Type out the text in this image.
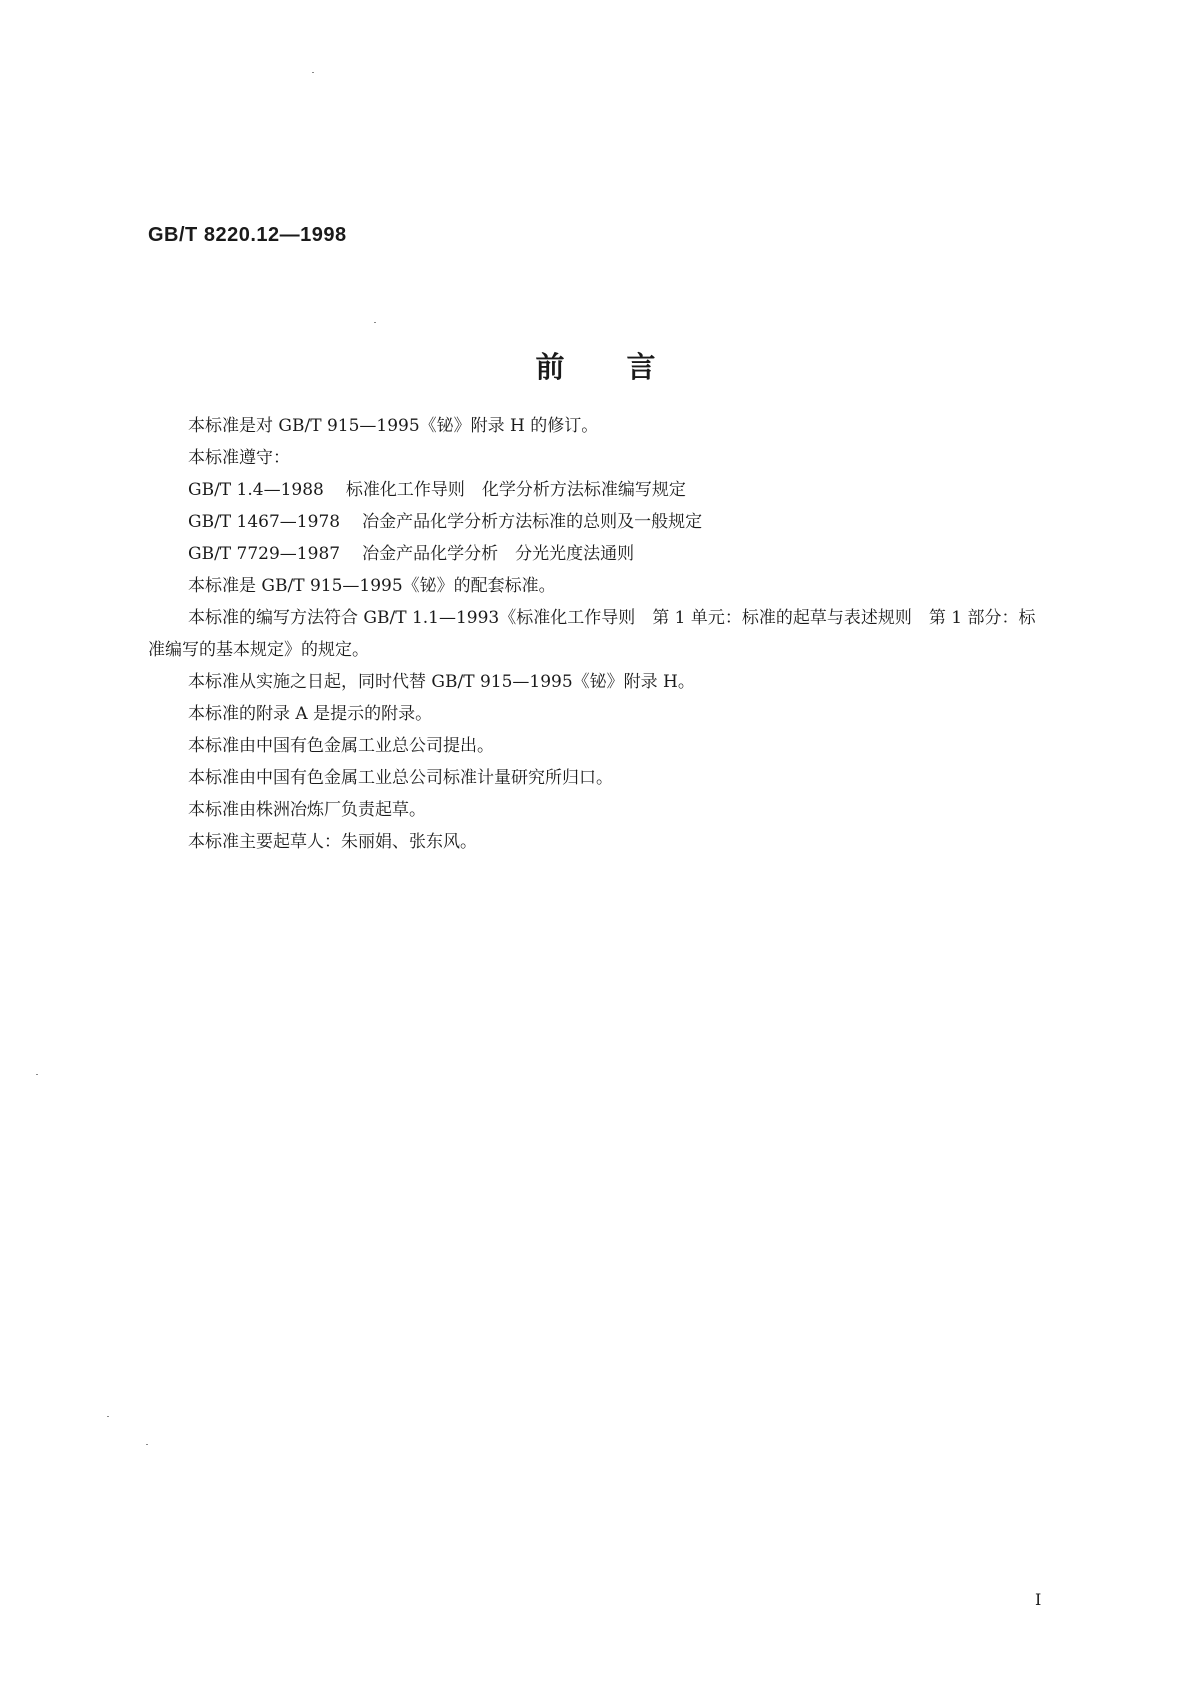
GB/T 8220.12—1998
前言
本标准是对 GB/T 915—1995《铋》附录 H 的修订。
本标准遵守：
GB/T 1.4—1988 标准化工作导则　化学分析方法标准编写规定
GB/T 1467—1978 冶金产品化学分析方法标准的总则及一般规定
GB/T 7729—1987 冶金产品化学分析　分光光度法通则
本标准是 GB/T 915—1995《铋》的配套标准。
本标准的编写方法符合 GB/T 1.1—1993《标准化工作导则　第 1 单元：标准的起草与表述规则　第 1 部分：标准编写的基本规定》的规定。
本标准从实施之日起，同时代替 GB/T 915—1995《铋》附录 H。
本标准的附录 A 是提示的附录。
本标准由中国有色金属工业总公司提出。
本标准由中国有色金属工业总公司标准计量研究所归口。
本标准由株洲冶炼厂负责起草。
本标准主要起草人：朱丽娟、张东风。
I
